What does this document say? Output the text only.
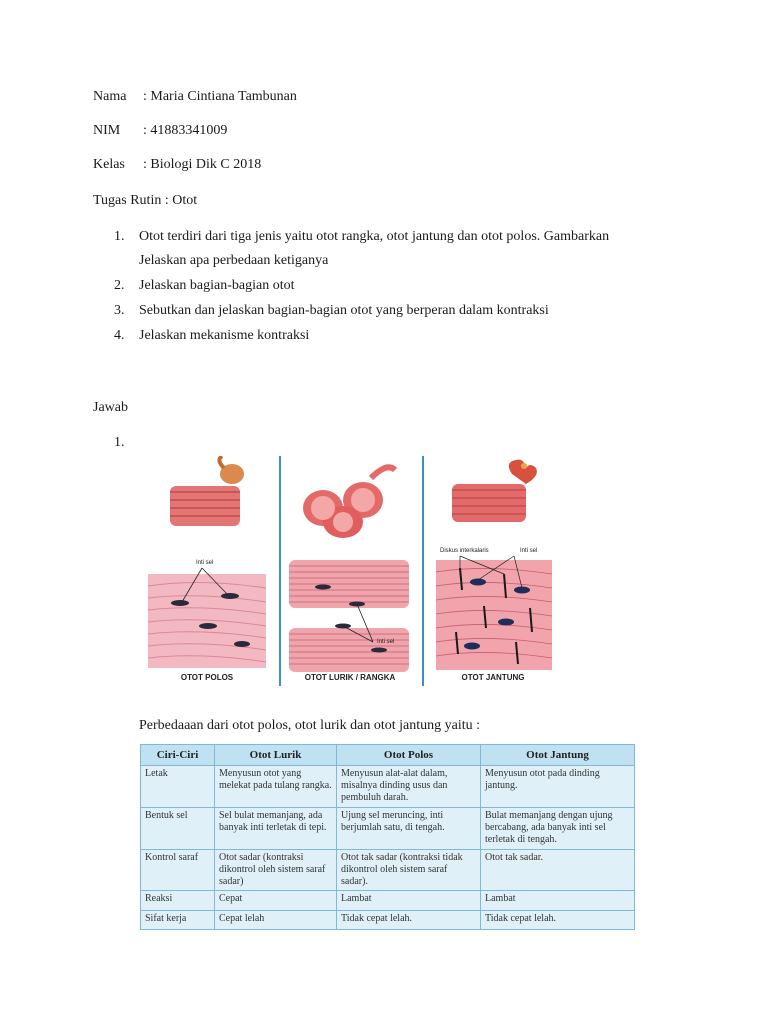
Nama : Maria Cintiana Tambunan
NIM : 41883341009
Kelas : Biologi Dik C 2018
Tugas Rutin : Otot
1. Otot terdiri dari tiga jenis yaitu otot rangka, otot jantung dan otot polos. Gambarkan
Jelaskan apa perbedaan ketiganya
2. Jelaskan bagian-bagian otot
3. Sebutkan dan jelaskan bagian-bagian otot yang berperan dalam kontraksi
4. Jelaskan mekanisme kontraksi
Jawab
1.
Inti sel
OTOT POLOS
Inti sel
OTOT LURIK / RANGKA
Diskus interkalaris	Inti sel
OTOT JANTUNG
Perbedaaan dari otot polos, otot lurik dan otot jantung yaitu :
Ciri-Ciri	Otot Lurik	Otot Polos	Otot Jantung
Letak	Menyusun otot yang melekat pada tulang rangka.	Menyusun alat-alat dalam, misalnya dinding usus dan pembuluh darah.	Menyusun otot pada dinding jantung.
Bentuk sel	Sel bulat memanjang, ada banyak inti terletak di tepi.	Ujung sel meruncing, inti berjumlah satu, di tengah.	Bulat memanjang dengan ujung bercabang, ada banyak inti sel terletak di tengah.
Kontrol saraf	Otot sadar (kontraksi dikontrol oleh sistem saraf sadar)	Otot tak sadar (kontraksi tidak dikontrol oleh sistem saraf sadar).	Otot tak sadar.
Reaksi	Cepat	Lambat	Lambat
Sifat kerja	Cepat lelah	Tidak cepat lelah.	Tidak cepat lelah.
